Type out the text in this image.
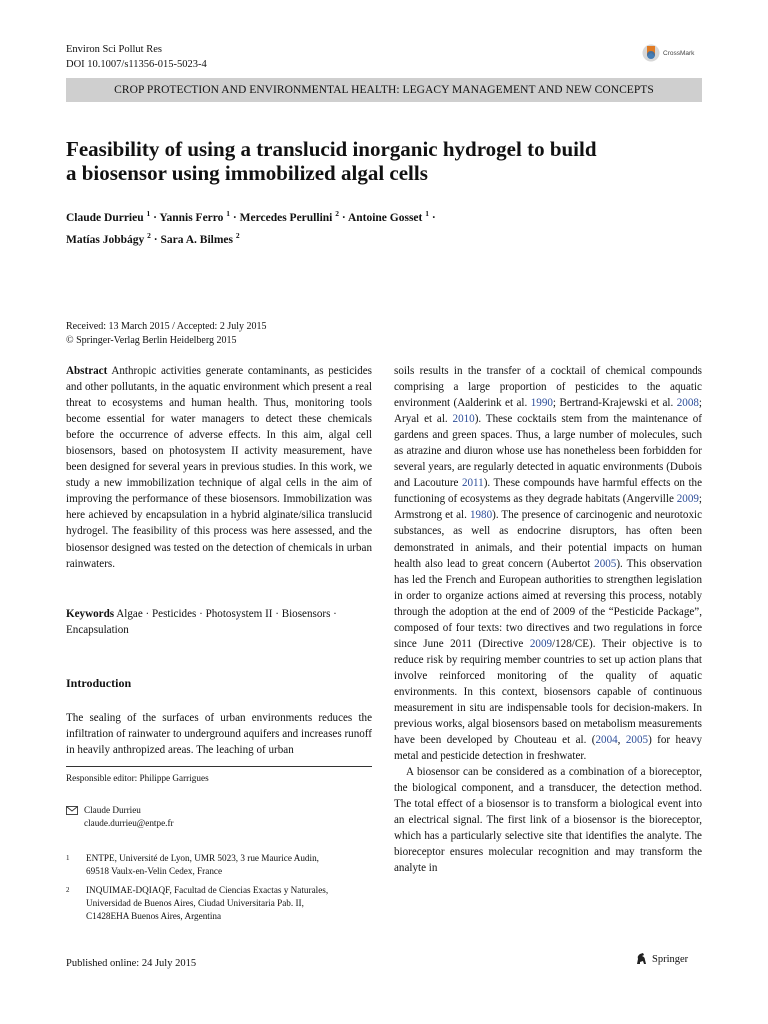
Environ Sci Pollut Res
DOI 10.1007/s11356-015-5023-4
CrossMark
CROP PROTECTION AND ENVIRONMENTAL HEALTH: LEGACY MANAGEMENT AND NEW CONCEPTS
Feasibility of using a translucid inorganic hydrogel to build
a biosensor using immobilized algal cells
Claude Durrieu $^1$ · Yannis Ferro $^1$ · Mercedes Perullini $^2$ · Antoine Gosset $^1$ ·
Matías Jobbágy $^2$ · Sara A. Bilmes $^2$
Received: 13 March 2015 / Accepted: 2 July 2015
© Springer-Verlag Berlin Heidelberg 2015

Abstract Anthropic activities generate contaminants, as pesticides and other pollutants, in the aquatic environment which present a real threat to ecosystems and human health. Thus, monitoring tools become essential for water managers to detect these chemicals before the occurrence of adverse effects. In this aim, algal cell biosensors, based on photosystem II activity measurement, have been designed for several years in previous studies. In this work, we study a new immobilization technique of algal cells in the aim of improving the performance of these biosensors. Immobilization was here achieved by encapsulation in a hybrid alginate/silica translucid hydrogel. The feasibility of this process was here assessed, and the biosensor designed was tested on the detection of chemicals in urban rainwaters.

Keywords Algae · Pesticides · Photosystem II · Biosensors · Encapsulation

Introduction

The sealing of the surfaces of urban environments reduces the infiltration of rainwater to underground aquifers and increases runoff in heavily anthropized areas. The leaching of urban

Responsible editor: Philippe Garrigues
Claude Durrieu
claude.durrieu@entpe.fr
1	ENTPE, Université de Lyon, UMR 5023, 3 rue Maurice Audin,
69518 Vaulx-en-Velin Cedex, France
2	INQUIMAE-DQIAQF, Facultad de Ciencias Exactas y Naturales,
Universidad de Buenos Aires, Ciudad Universitaria Pab. II,
C1428EHA Buenos Aires, Argentina

soils results in the transfer of a cocktail of chemical compounds comprising a large proportion of pesticides to the aquatic environment (Aalderink et al. 1990; Bertrand-Krajewski et al. 2008; Aryal et al. 2010). These cocktails stem from the maintenance of gardens and green spaces. Thus, a large number of molecules, such as atrazine and diuron whose use has nonetheless been forbidden for several years, are regularly detected in aquatic environments (Dubois and Lacouture 2011). These compounds have harmful effects on the functioning of ecosystems as they degrade habitats (Angerville 2009; Armstrong et al. 1980). The presence of carcinogenic and neurotoxic substances, as well as endocrine disruptors, has often been demonstrated in animals, and their potential impacts on human health also lead to great concern (Aubertot 2005). This observation has led the French and European authorities to strengthen legislation in order to organize actions aimed at reversing this process, notably through the adoption at the end of 2009 of the “Pesticide Package”, composed of four texts: two directives and two regulations in force since June 2011 (Directive 2009/128/CE). Their objective is to reduce risk by requiring member countries to set up action plans that involve reinforced monitoring of the quality of aquatic environments. In this context, biosensors capable of continuous measurement in situ are indispensable tools for decision-makers. In previous works, algal biosensors based on metabolism measurements have been developed by Chouteau et al. (2004, 2005) for heavy metal and pesticide detection in freshwater.

A biosensor can be considered as a combination of a bioreceptor, the biological component, and a transducer, the detection method. The total effect of a biosensor is to transform a biological event into an electrical signal. The first link of a biosensor is the bioreceptor, which has a particularly selective site that identifies the analyte. The bioreceptor ensures molecular recognition and may transform the analyte in

Published online: 24 July 2015	Springer
